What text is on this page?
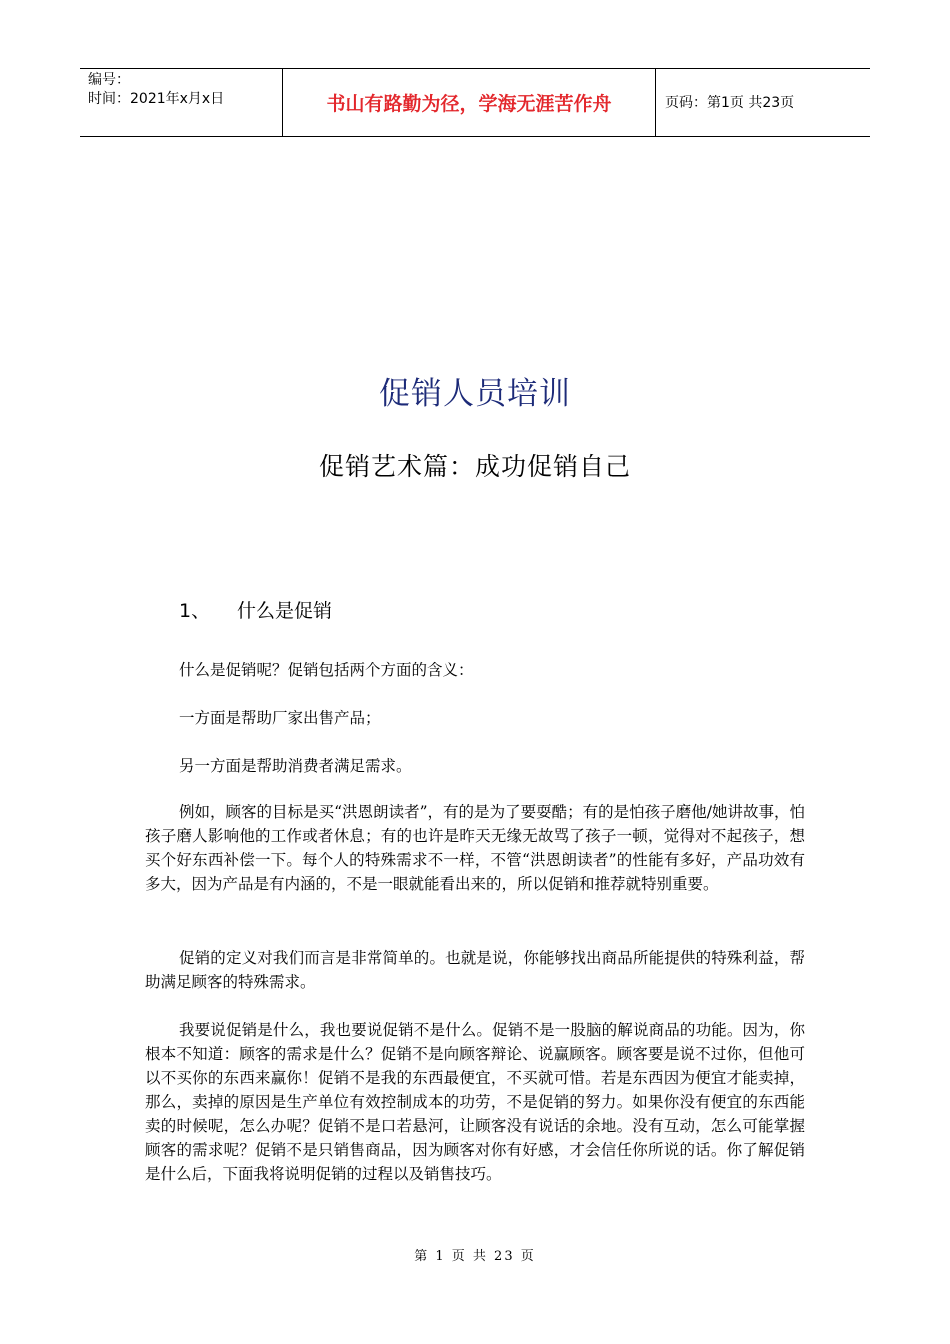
编号：
时间：2021年x月x日	书山有路勤为径，学海无涯苦作舟	页码：第1页 共23页
促销人员培训
促销艺术篇：成功促销自己
1、 什么是促销
什么是促销呢？促销包括两个方面的含义：
一方面是帮助厂家出售产品；
另一方面是帮助消费者满足需求。
例如，顾客的目标是买“洪恩朗读者”，有的是为了要耍酷；有的是怕孩子磨他/她讲故事，怕孩子磨人影响他的工作或者休息；有的也许是昨天无缘无故骂了孩子一顿，觉得对不起孩子，想买个好东西补偿一下。每个人的特殊需求不一样，不管“洪恩朗读者”的性能有多好，产品功效有多大，因为产品是有内涵的，不是一眼就能看出来的，所以促销和推荐就特别重要。
促销的定义对我们而言是非常简单的。也就是说，你能够找出商品所能提供的特殊利益，帮助满足顾客的特殊需求。
我要说促销是什么，我也要说促销不是什么。促销不是一股脑的解说商品的功能。因为，你根本不知道：顾客的需求是什么？促销不是向顾客辩论、说赢顾客。顾客要是说不过你，但他可以不买你的东西来赢你！促销不是我的东西最便宜，不买就可惜。若是东西因为便宜才能卖掉，那么，卖掉的原因是生产单位有效控制成本的功劳，不是促销的努力。如果你没有便宜的东西能卖的时候呢，怎么办呢？促销不是口若悬河，让顾客没有说话的余地。没有互动，怎么可能掌握顾客的需求呢？促销不是只销售商品，因为顾客对你有好感，才会信任你所说的话。你了解促销是什么后，下面我将说明促销的过程以及销售技巧。
第 1 页 共 23 页
